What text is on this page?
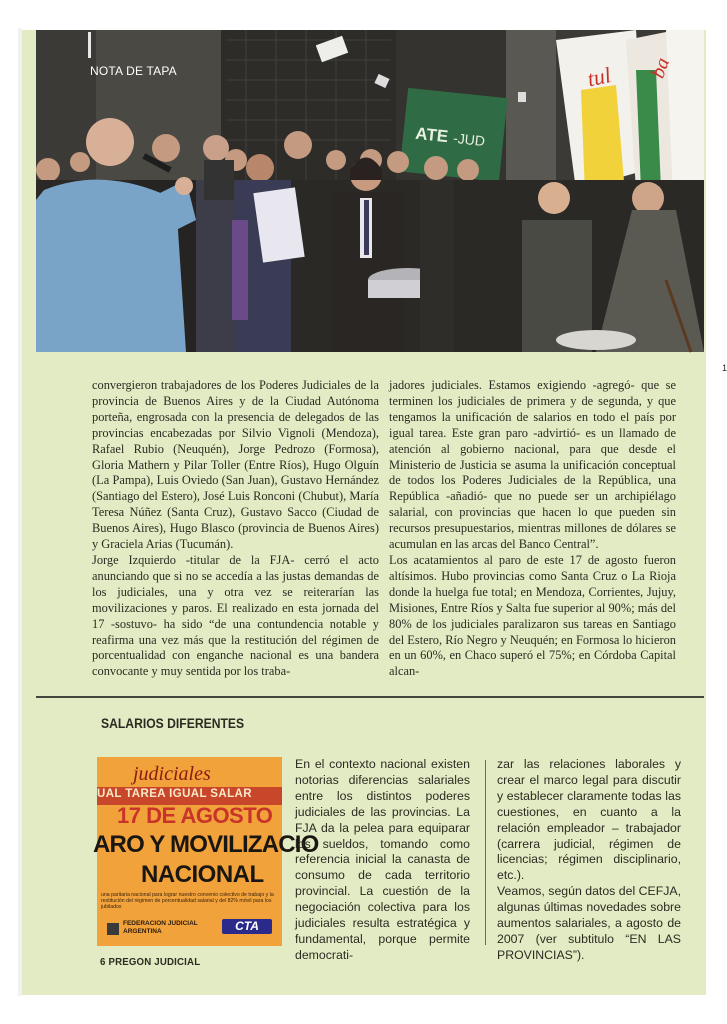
ATE -JUD
tul ba
NOTA DE TAPA
1

convergieron trabajadores de los Poderes Judiciales de la provincia de Buenos Aires y de la Ciudad Autónoma porteña, engrosada con la presencia de delegados de las provincias encabezadas por Silvio Vignoli (Mendoza), Rafael Rubio (Neuquén), Jorge Pedrozo (Formosa), Gloria Mathern y Pilar Toller (Entre Ríos), Hugo Olguín (La Pampa), Luis Oviedo (San Juan), Gustavo Hernández (Santiago del Estero), José Luis Ronconi (Chubut), María Teresa Núñez (Santa Cruz), Gustavo Sacco (Ciudad de Buenos Aires), Hugo Blasco (provincia de Buenos Aires) y Graciela Arias (Tucumán).

Jorge Izquierdo -titular de la FJA- cerró el acto anunciando que si no se accedía a las justas demandas de los judiciales, una y otra vez se reiterarían las movilizaciones y paros. El realizado en esta jornada del 17 -sostuvo- ha sido “de una contundencia notable y reafirma una vez más que la restitución del régimen de porcentualidad con enganche nacional es una bandera convocante y muy sentida por los traba-

jadores judiciales. Estamos exigiendo -agregó- que se terminen los judiciales de primera y de segunda, y que tengamos la unificación de salarios en todo el país por igual tarea. Este gran paro -advirtió- es un llamado de atención al gobierno nacional, para que desde el Ministerio de Justicia se asuma la unificación conceptual de todos los Poderes Judiciales de la República, una República -añadió- que no puede ser un archipiélago salarial, con provincias que hacen lo que pueden sin recursos presupuestarios, mientras millones de dólares se acumulan en las arcas del Banco Central”.

Los acatamientos al paro de este 17 de agosto fueron altísimos. Hubo provincias como Santa Cruz o La Rioja donde la huelga fue total; en Mendoza, Corrientes, Jujuy, Misiones, Entre Ríos y Salta fue superior al 90%; más del 80% de los judiciales paralizaron sus tareas en Santiago del Estero, Río Negro y Neuquén; en Formosa lo hicieron en un 60%, en Chaco superó el 75%; en Córdoba Capital alcan-

SALARIOS DIFERENTES
judiciales
UAL TAREA IGUAL SALAR
17 DE AGOSTO
ARO Y MOVILIZACIO
NACIONAL
una paritaria nacional para lograr nuestro convenio colectivo de trabajo y la restitución del régimen de porcentualidad salarial y del 82% móvil para los jubilados
FEDERACION JUDICIAL ARGENTINA	CTA

En el contexto nacional existen notorias diferencias salariales entre los distintos poderes judiciales de las provincias. La FJA da la pelea para equiparar los sueldos, tomando como referencia inicial la canasta de consumo de cada territorio provincial. La cuestión de la negociación colectiva para los judiciales resulta estratégica y fundamental, porque permite democrati-

zar las relaciones laborales y crear el marco legal para discutir y establecer claramente todas las cuestiones, en cuanto a la relación empleador – trabajador (carrera judicial, régimen de licencias; régimen disciplinario, etc.).

Veamos, según datos del CEFJA, algunas últimas novedades sobre aumentos salariales, a agosto de 2007 (ver subtitulo “EN LAS PROVINCIAS”).

6 PREGON JUDICIAL
